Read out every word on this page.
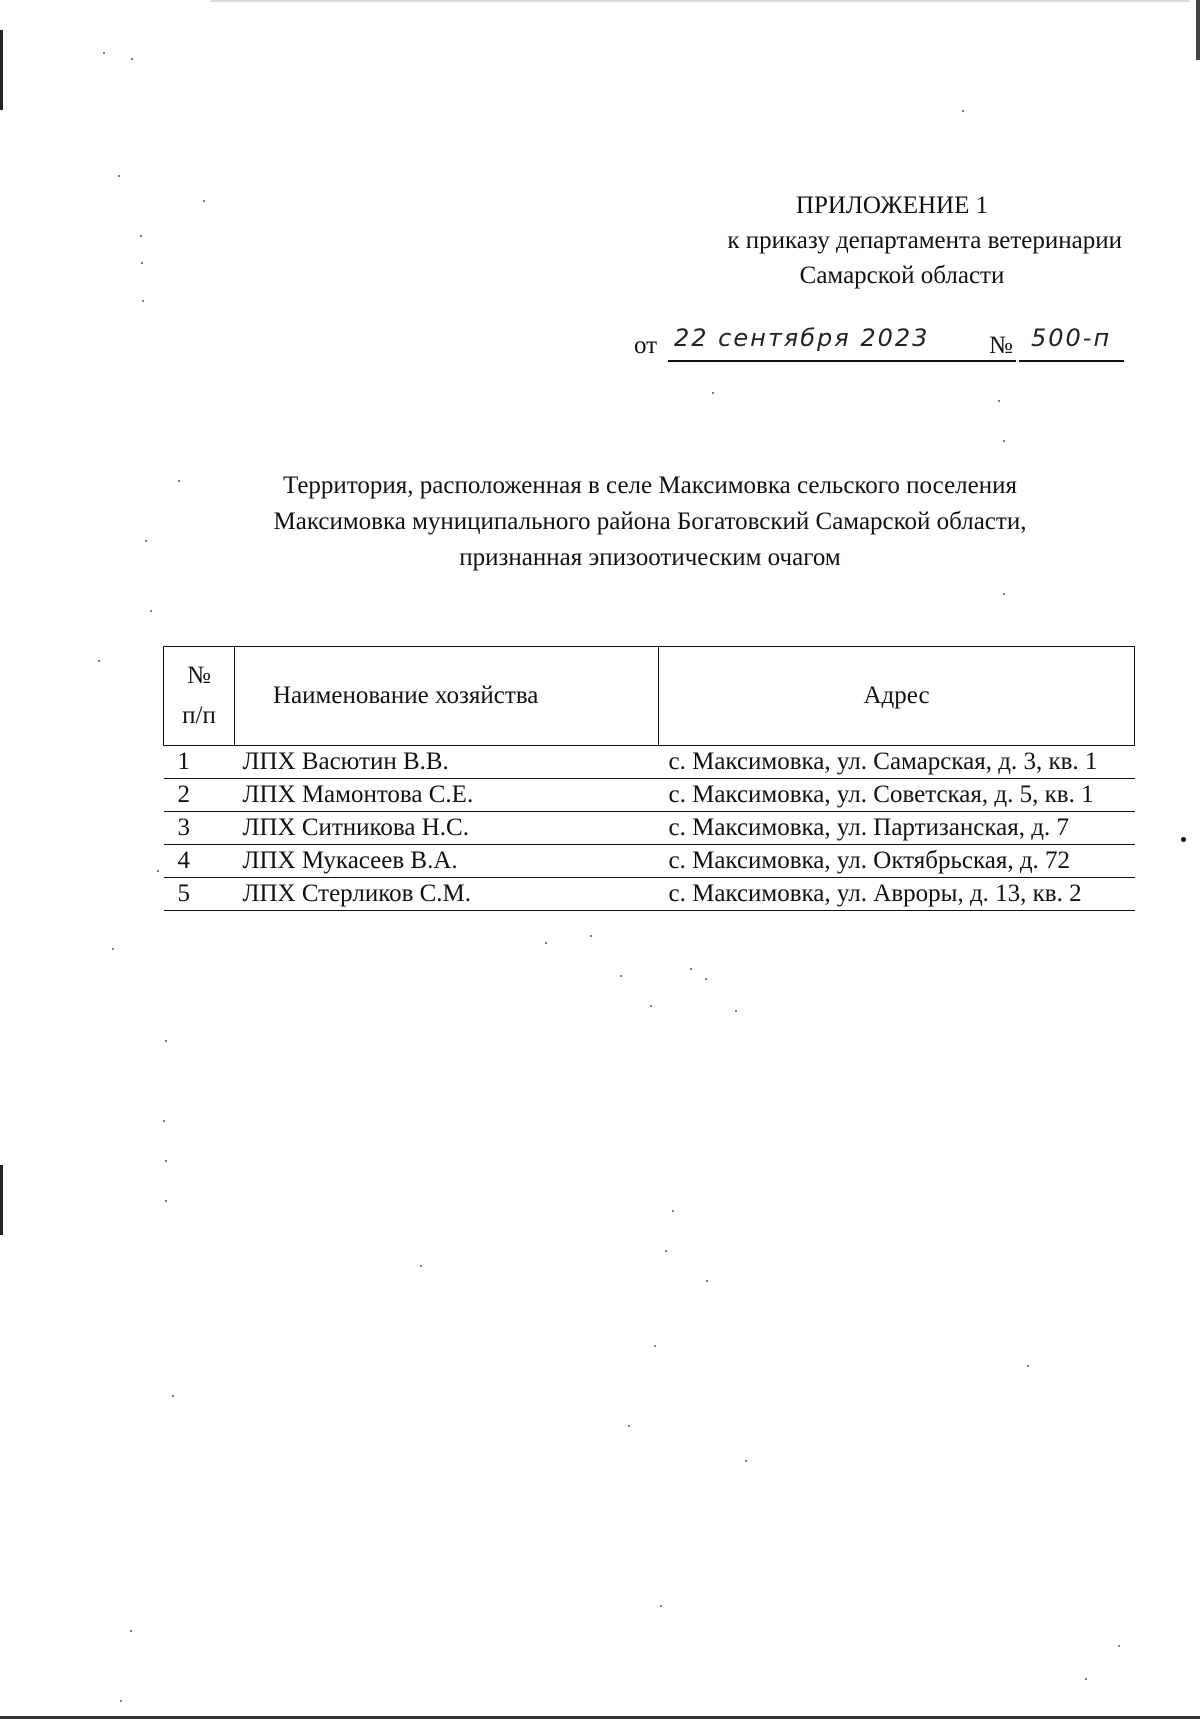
ПРИЛОЖЕНИЕ 1
к приказу департамента ветеринарии
Самарской области
от 22 сентября 2023 № 500-п
Территория, расположенная в селе Максимовка сельского поселения
Максимовка муниципального района Богатовский Самарской области,
признанная эпизоотическим очагом
№
п/п	Наименование хозяйства	Адрес
1	ЛПХ Васютин В.В.	с. Максимовка, ул. Самарская, д. 3, кв. 1
2	ЛПХ Мамонтова С.Е.	с. Максимовка, ул. Советская, д. 5, кв. 1
3	ЛПХ Ситникова Н.С.	с. Максимовка, ул. Партизанская, д. 7
4	ЛПХ Мукасеев В.А.	с. Максимовка, ул. Октябрьская, д. 72
5	ЛПХ Стерликов С.М.	с. Максимовка, ул. Авроры, д. 13, кв. 2
